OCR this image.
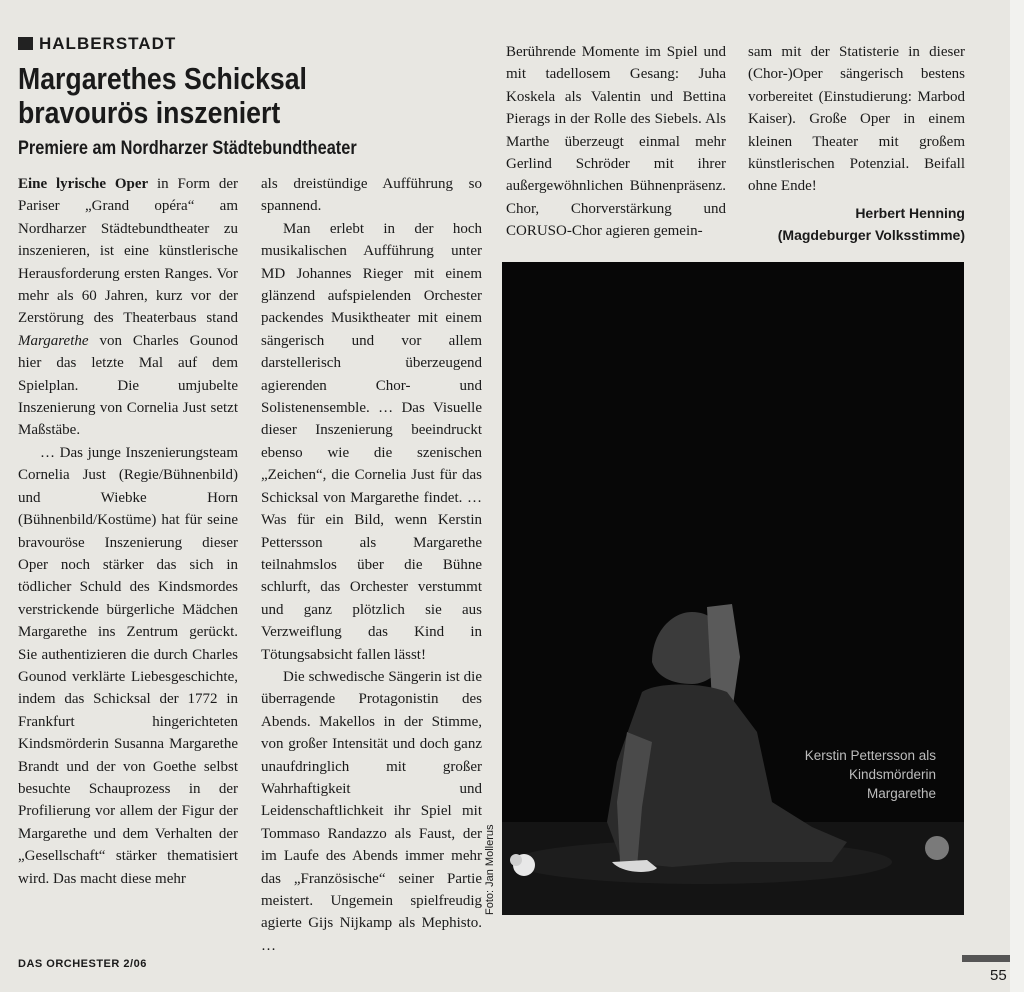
HALBERSTADT
Margarethes Schicksal bravourös inszeniert
Premiere am Nordharzer Städtebundtheater

Eine lyrische Oper in Form der Pariser „Grand opéra“ am Nordharzer Städtebundtheater zu inszenieren, ist eine künstlerische Herausforderung ersten Ranges. Vor mehr als 60 Jahren, kurz vor der Zerstörung des Theaterbaus stand Margarethe von Charles Gounod hier das letzte Mal auf dem Spielplan. Die umjubelte Inszenierung von Cornelia Just setzt Maßstäbe.

… Das junge Inszenierungsteam Cornelia Just (Regie/Bühnenbild) und Wiebke Horn (Bühnenbild/Kostüme) hat für seine bravouröse Inszenierung dieser Oper noch stärker das sich in tödlicher Schuld des Kindsmordes verstrickende bürgerliche Mädchen Margarethe ins Zentrum gerückt. Sie authentizieren die durch Charles Gounod verklärte Liebesgeschichte, indem das Schicksal der 1772 in Frankfurt hingerichteten Kindsmörderin Susanna Margarethe Brandt und der von Goethe selbst besuchte Schauprozess in der Profilierung vor allem der Figur der Margarethe und dem Verhalten der „Gesellschaft“ stärker thematisiert wird. Das macht diese mehr

als dreistündige Aufführung so spannend.

Man erlebt in der hoch musikalischen Aufführung unter MD Johannes Rieger mit einem glänzend aufspielenden Orchester packendes Musiktheater mit einem sängerisch und vor allem darstellerisch überzeugend agierenden Chor- und Solistenensemble. … Das Visuelle dieser Inszenierung beeindruckt ebenso wie die szenischen „Zeichen“, die Cornelia Just für das Schicksal von Margarethe findet. … Was für ein Bild, wenn Kerstin Pettersson als Margarethe teilnahmslos über die Bühne schlurft, das Orchester verstummt und ganz plötzlich sie aus Verzweiflung das Kind in Tötungsabsicht fallen lässt!

Die schwedische Sängerin ist die überragende Protagonistin des Abends. Makellos in der Stimme, von großer Intensität und doch ganz unaufdringlich mit großer Wahrhaftigkeit und Leidenschaftlichkeit ihr Spiel mit Tommaso Randazzo als Faust, der im Laufe des Abends immer mehr das „Französische“ seiner Partie meistert. Ungemein spielfreudig agierte Gijs Nijkamp als Mephisto. …

Berührende Momente im Spiel und mit tadellosem Gesang: Juha Koskela als Valentin und Bettina Pierags in der Rolle des Siebels. Als Marthe überzeugt einmal mehr Gerlind Schröder mit ihrer außergewöhnlichen Bühnenpräsenz. Chor, Chorverstärkung und CORUSO-Chor agieren gemein-

sam mit der Statisterie in dieser (Chor-)Oper sängerisch bestens vorbereitet (Einstudierung: Marbod Kaiser). Große Oper in einem kleinen Theater mit großem künstlerischen Potenzial. Beifall ohne Ende!

Herbert Henning
(Magdeburger Volksstimme)
Kerstin Pettersson als
Kindsmörderin
Margarethe
Foto: Jan Mollerus
DAS ORCHESTER 2/06
55
